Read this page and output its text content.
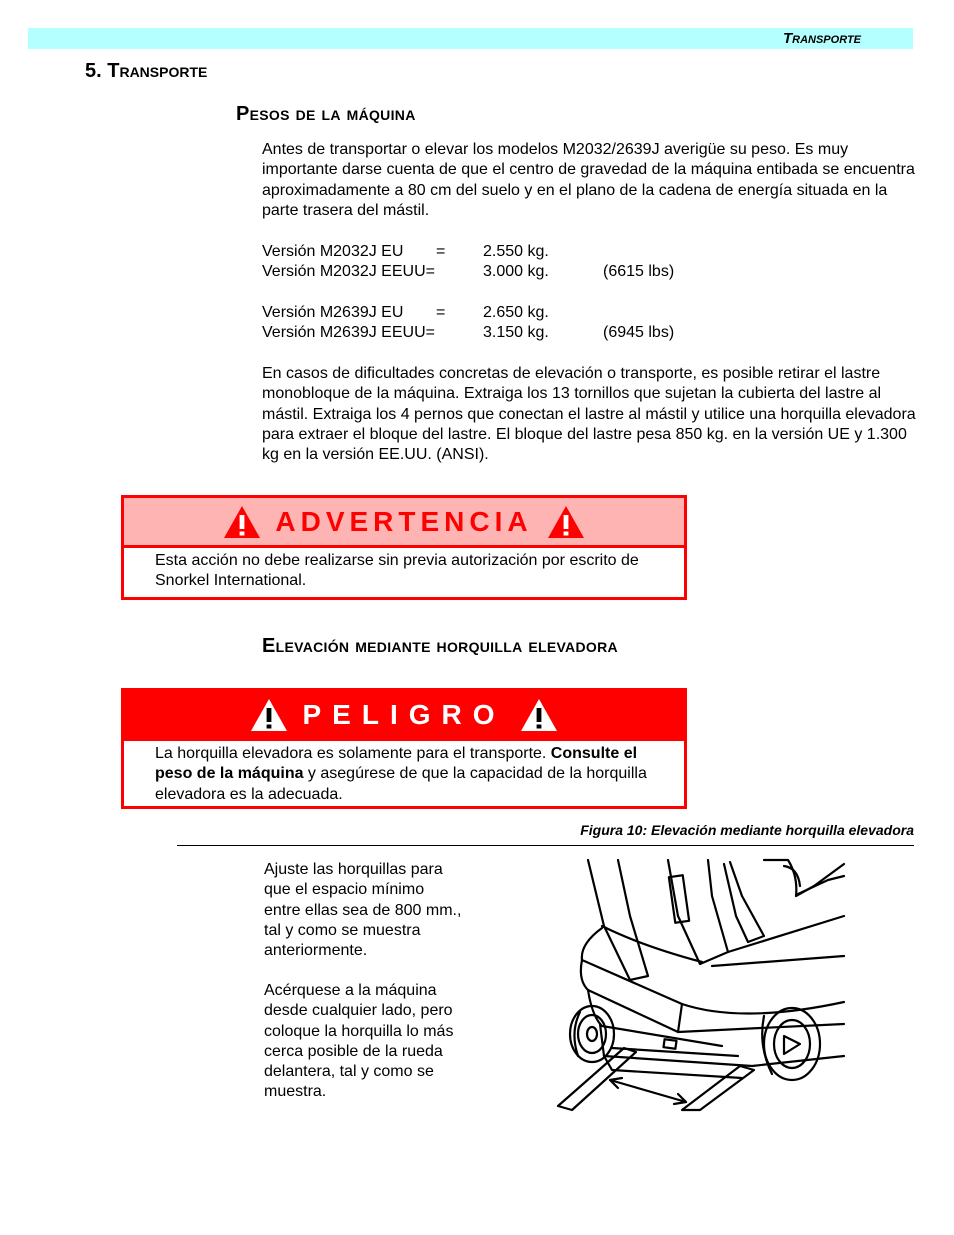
Transporte
5. Transporte
Pesos de la máquina

Antes de transportar o elevar los modelos M2032/2639J averigüe su peso. Es muy importante darse cuenta de que el centro de gravedad de la máquina entibada se encuentra aproximadamente a 80 cm del suelo y en el plano de la cadena de energía situada en la parte trasera del mástil.

Versión M2032J EU = 2.550 kg.
Versión M2032J EEUU=	3.000 kg.	(6615 lbs)
Versión M2639J EU = 2.650 kg.
Versión M2639J EEUU=	3.150 kg.	(6945 lbs)

En casos de dificultades concretas de elevación o transporte, es posible retirar el lastre monobloque de la máquina. Extraiga los 13 tornillos que sujetan la cubierta del lastre al mástil. Extraiga los 4 pernos que conectan el lastre al mástil y utilice una horquilla elevadora para extraer el bloque del lastre. El bloque del lastre pesa 850 kg. en la versión UE y 1.300 kg en la versión EE.UU. (ANSI).

ADVERTENCIA
Esta acción no debe realizarse sin previa autorización por escrito de Snorkel International.
Elevación mediante horquilla elevadora
PELIGRO
La horquilla elevadora es solamente para el transporte. Consulte el peso de la máquina y asegúrese de que la capacidad de la horquilla elevadora es la adecuada.
Figura 10: Elevación mediante horquilla elevadora

Ajuste las horquillas para que el espacio mínimo entre ellas sea de 800 mm., tal y como se muestra anteriormente.

Acérquese a la máquina desde cualquier lado, pero coloque la horquilla lo más cerca posible de la rueda delantera, tal y como se muestra.
